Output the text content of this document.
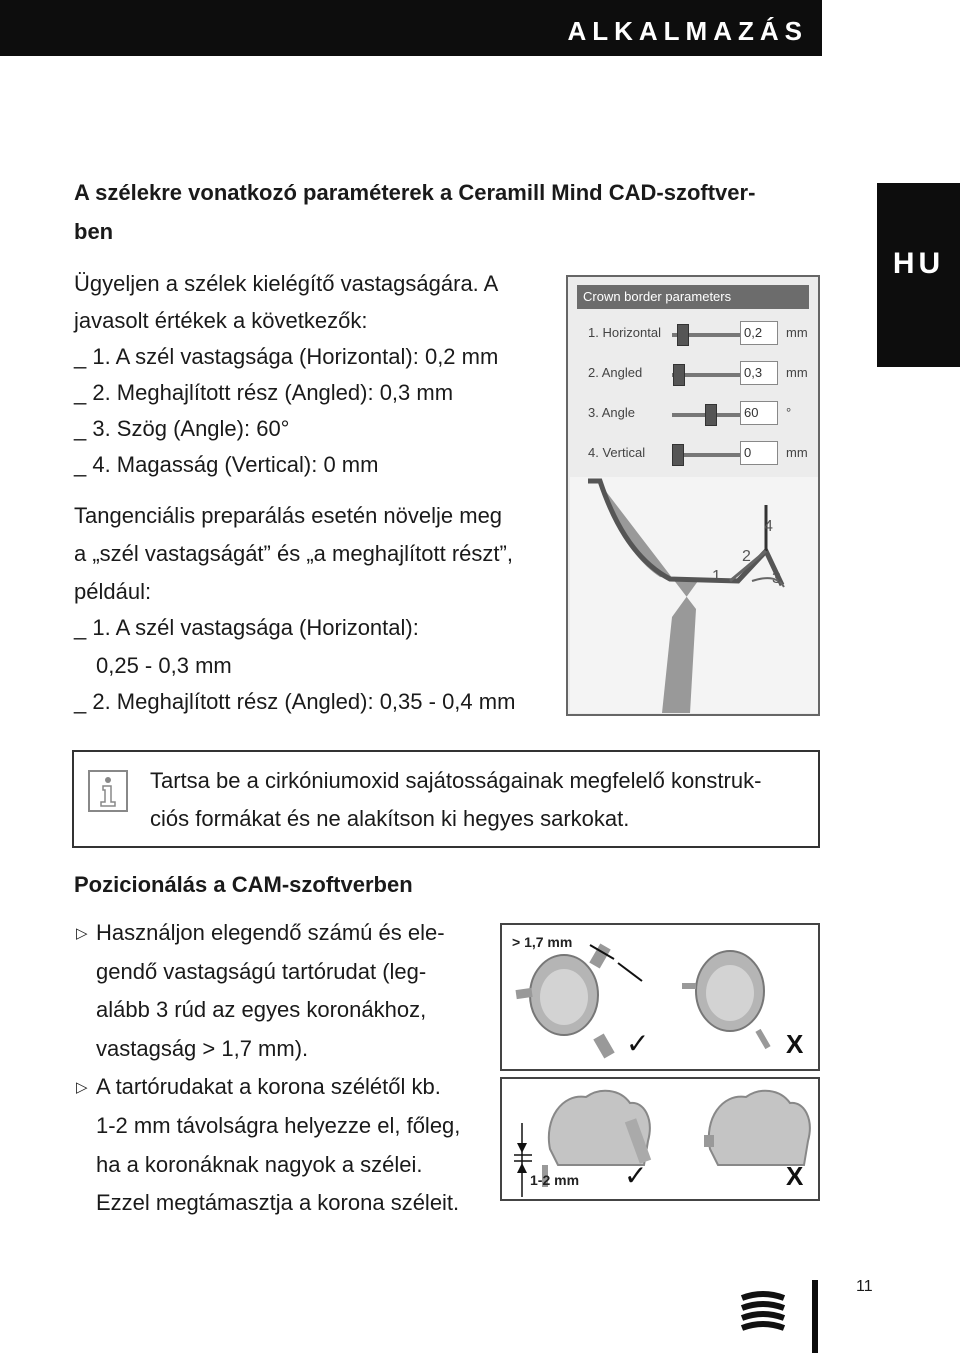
ALKALMAZÁS
HU
A szélekre vonatkozó paraméterek a Ceramill Mind CAD-szoftver-
ben
Ügyeljen a szélek kielégítő vastagságára. A
javasolt értékek a következők:
_ 1. A szél vastagsága (Horizontal): 0,2 mm
_ 2. Meghajlított rész (Angled): 0,3 mm
_ 3. Szög (Angle): 60°
_ 4. Magasság (Vertical): 0 mm
Tangenciális preparálás esetén növelje meg
a „szél vastagságát” és „a meghajlított részt”,
például:
_ 1. A szél vastagsága (Horizontal):
0,25 - 0,3 mm
_ 2. Meghajlított rész (Angled): 0,35 - 0,4 mm
Crown border parameters
1. Horizontal	0,2	mm
2. Angled	0,3	mm
3. Angle	60	°
4. Vertical	0	mm
1
2
3
4
Tartsa be a cirkóniumoxid sajátosságainak megfelelő konstruk-
ciós formákat és ne alakítson ki hegyes sarkokat.
Pozicionálás a CAM-szoftverben
▷ Használjon elegendő számú és ele-
gendő vastagságú tartórudat (leg-
alább 3 rúd az egyes koronákhoz,
vastagság > 1,7 mm).
▷ A tartórudakat a korona szélétől kb.
1-2 mm távolságra helyezze el, főleg,
ha a koronáknak nagyok a szélei.
Ezzel megtámasztja a korona széleit.
> 1,7 mm
✓	X
1-2 mm ✓	X
11
